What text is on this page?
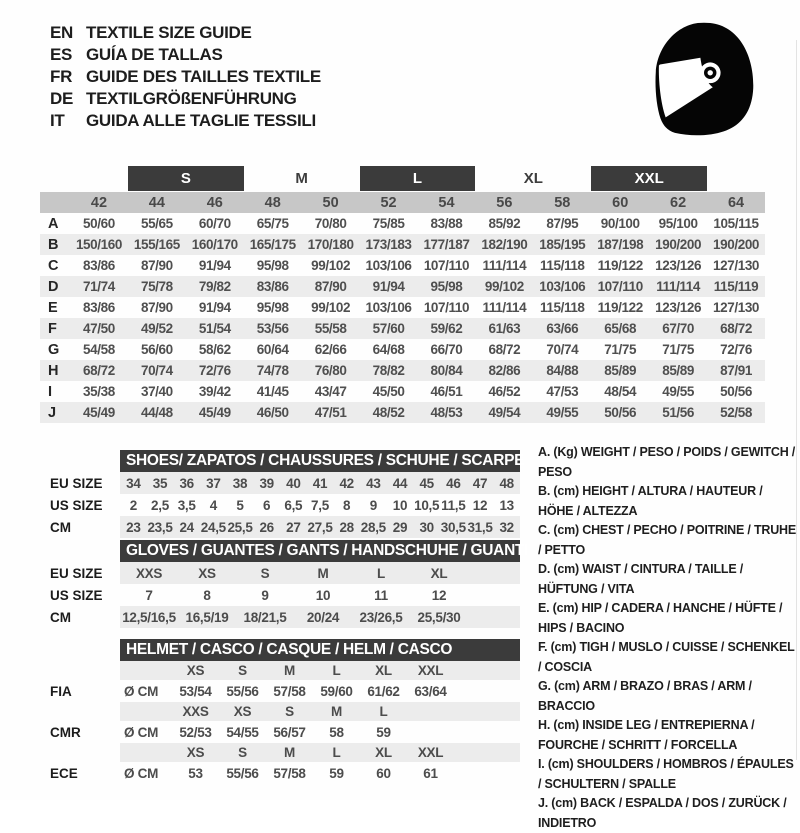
EN TEXTILE SIZE GUIDE
ES GUÍA DE TALLAS
FR GUIDE DES TAILLES TEXTILE
DE TEXTILGRÖßENFÜHRUNG
IT	GUIDA ALLE TAGLIE TESSILI
S	M	L	XL	XXL
42	44	46	48	50	52	54	56	58	60	62	64
A	50/60	55/65	60/70	65/75	70/80	75/85	83/88	85/92	87/95	90/100	95/100	105/115
B	150/160 155/165 160/170 165/175 170/180 173/183 177/187 182/190 185/195 187/198 190/200 190/200
C	83/86	87/90	91/94	95/98	99/102	103/106 107/110 111/114	115/118 119/122 123/126 127/130
D	71/74	75/78	79/82	83/86	87/90	91/94	95/98	99/102	103/106 107/110 111/114	115/119
E	83/86	87/90	91/94	95/98	99/102	103/106 107/110 111/114	115/118 119/122 123/126 127/130
F	47/50	49/52	51/54	53/56	55/58	57/60	59/62	61/63	63/66	65/68	67/70	68/72
G	54/58	56/60	58/62	60/64	62/66	64/68	66/70	68/72	70/74	71/75	71/75	72/76
H	68/72	70/74	72/76	74/78	76/80	78/82	80/84	82/86	84/88	85/89	85/89	87/91
I	35/38	37/40	39/42	41/45	43/47	45/50	46/51	46/52	47/53	48/54	49/55	50/56
J	45/49	44/48	45/49	46/50	47/51	48/52	48/53	49/54	49/55	50/56	51/56	52/58
SHOES/ ZAPATOS / CHAUSSURES / SCHUHE / SCARPE
EU SIZE	34 35 36 37 38 39 40 41 42 43 44 45 46 47 48
US SIZE	2	2,5 3,5	4	5	6	6,5 7,5	8	9	10 10,5 11,5 12 13
CM	23 23,5 24 24,5 25,5 26 27 27,5 28 28,5 29 30 30,5 31,5 32
GLOVES / GUANTES / GANTS / HANDSCHUHE / GUANTI
EU SIZE	XXS	XS	S	M	L	XL
US SIZE	7	8	9	10	11	12
CM	12,5/16,5 16,5/19	18/21,5	20/24	23/26,5	25,5/30
HELMET / CASCO / CASQUE / HELM / CASCO
XS	S	M	L	XL	XXL
FIA	Ø CM	53/54	55/56	57/58	59/60	61/62	63/64
XXS	XS	S	M	L
CMR	Ø CM	52/53	54/55	56/57	58	59
XS	S	M	L	XL	XXL
ECE	Ø CM	53	55/56	57/58	59	60	61
A. (Kg) WEIGHT / PESO / POIDS / GEWITCH / PESO
B. (cm) HEIGHT / ALTURA / HAUTEUR / HÖHE / ALTEZZA
C. (cm) CHEST / PECHO / POITRINE / TRUHE / PETTO
D. (cm) WAIST / CINTURA / TAILLE / HÜFTUNG / VITA
E. (cm) HIP / CADERA / HANCHE / HÜFTE / HIPS / BACINO
F. (cm) TIGH / MUSLO / CUISSE / SCHENKEL / COSCIA
G. (cm) ARM / BRAZO / BRAS / ARM / BRACCIO
H. (cm) INSIDE LEG / ENTREPIERNA / FOURCHE / SCHRITT / FORCELLA
I. (cm) SHOULDERS / HOMBROS / ÉPAULES / SCHULTERN / SPALLE
J. (cm) BACK / ESPALDA / DOS / ZURÜCK / INDIETRO
